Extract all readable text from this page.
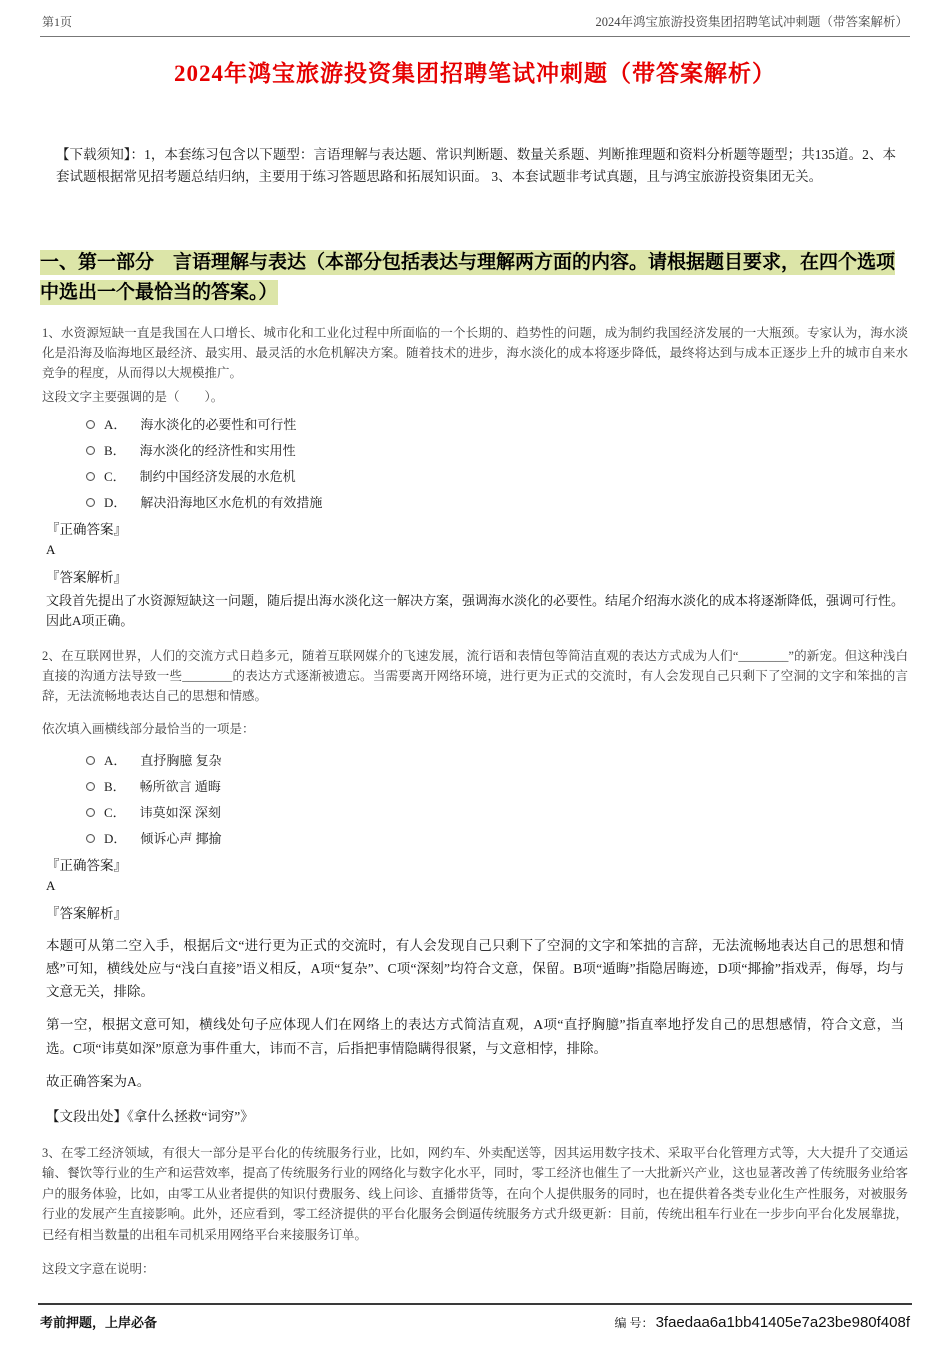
第1页	2024年鸿宝旅游投资集团招聘笔试冲刺题（带答案解析）
2024年鸿宝旅游投资集团招聘笔试冲刺题（带答案解析）

【下载须知】：1，本套练习包含以下题型：言语理解与表达题、常识判断题、数量关系题、判断推理题和资料分析题等题型；共135道。2、本套试题根据常见招考题总结归纳，主要用于练习答题思路和拓展知识面。 3、本套试题非考试真题，且与鸿宝旅游投资集团无关。

一、第一部分　言语理解与表达（本部分包括表达与理解两方面的内容。请根据题目要求，在四个选项中选出一个最恰当的答案。）

1、水资源短缺一直是我国在人口增长、城市化和工业化过程中所面临的一个长期的、趋势性的问题，成为制约我国经济发展的一大瓶颈。专家认为，海水淡化是沿海及临海地区最经济、最实用、最灵活的水危机解决方案。随着技术的进步，海水淡化的成本将逐步降低，最终将达到与成本正逐步上升的城市自来水竞争的程度，从而得以大规模推广。

这段文字主要强调的是（　　）。

A． 海水淡化的必要性和可行性
B． 海水淡化的经济性和实用性
C． 制约中国经济发展的水危机
D． 解决沿海地区水危机的有效措施

『正确答案』

A

『答案解析』

文段首先提出了水资源短缺这一问题，随后提出海水淡化这一解决方案，强调海水淡化的必要性。结尾介绍海水淡化的成本将逐渐降低，强调可行性。因此A项正确。

2、在互联网世界，人们的交流方式日趋多元，随着互联网媒介的飞速发展，流行语和表情包等简洁直观的表达方式成为人们“________”的新宠。但这种浅白直接的沟通方法导致一些________的表达方式逐渐被遗忘。当需要离开网络环境，进行更为正式的交流时，有人会发现自己只剩下了空洞的文字和笨拙的言辞，无法流畅地表达自己的思想和情感。

依次填入画横线部分最恰当的一项是：

A． 直抒胸臆 复杂
B． 畅所欲言 遁晦
C． 讳莫如深 深刻
D． 倾诉心声 揶揄

『正确答案』

A

『答案解析』

本题可从第二空入手，根据后文“进行更为正式的交流时，有人会发现自己只剩下了空洞的文字和笨拙的言辞，无法流畅地表达自己的思想和情感”可知，横线处应与“浅白直接”语义相反，A项“复杂”、C项“深刻”均符合文意，保留。B项“遁晦”指隐居晦迹，D项“揶揄”指戏弄，侮辱，均与文意无关，排除。

第一空，根据文意可知，横线处句子应体现人们在网络上的表达方式简洁直观，A项“直抒胸臆”指直率地抒发自己的思想感情，符合文意，当选。C项“讳莫如深”原意为事件重大，讳而不言，后指把事情隐瞒得很紧，与文意相悖，排除。

故正确答案为A。

【文段出处】《拿什么拯救“词穷”》

3、在零工经济领域，有很大一部分是平台化的传统服务行业，比如，网约车、外卖配送等，因其运用数字技术、采取平台化管理方式等，大大提升了交通运输、餐饮等行业的生产和运营效率，提高了传统服务行业的网络化与数字化水平，同时，零工经济也催生了一大批新兴产业，这也显著改善了传统服务业给客户的服务体验，比如，由零工从业者提供的知识付费服务、线上问诊、直播带货等，在向个人提供服务的同时，也在提供着各类专业化生产性服务，对被服务行业的发展产生直接影响。此外，还应看到，零工经济提供的平台化服务会倒逼传统服务方式升级更新：目前，传统出租车行业在一步步向平台化发展靠拢，已经有相当数量的出租车司机采用网络平台来接服务订单。

这段文字意在说明：

考前押题，上岸必备	编 号： 3faedaa6a1bb41405e7a23be980f408f
